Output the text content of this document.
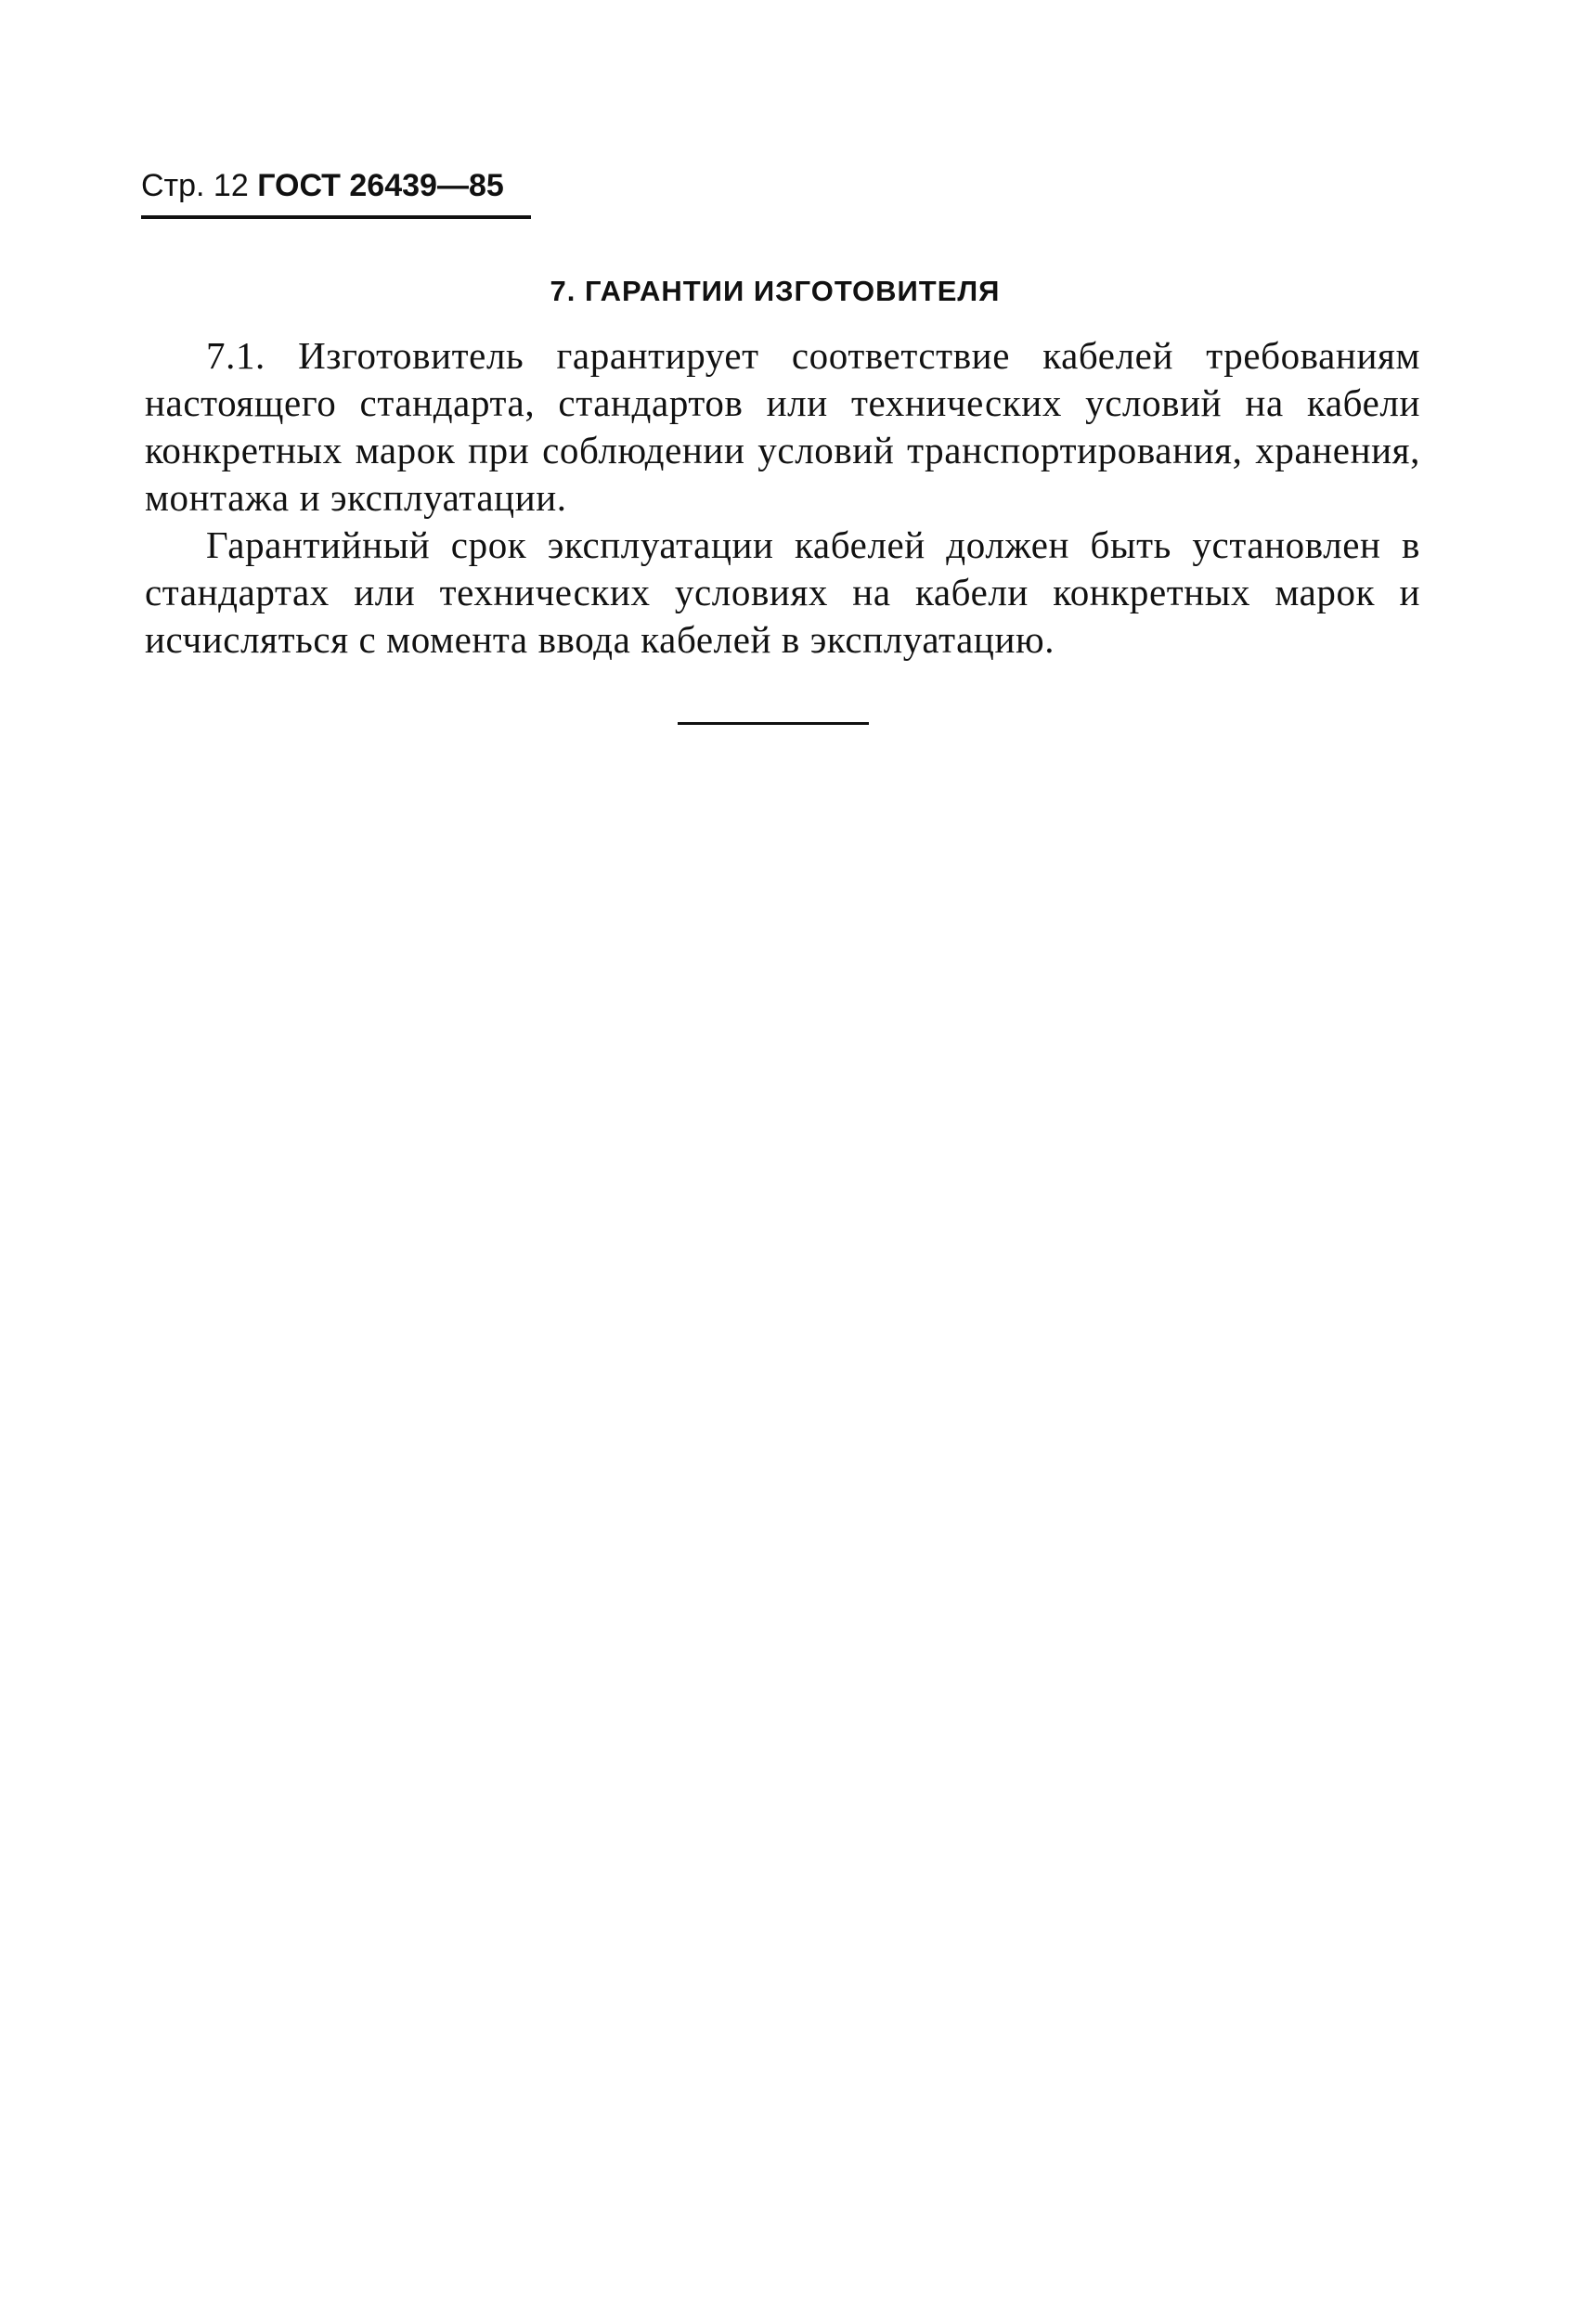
Стр. 12 ГОСТ 26439—85
7. ГАРАНТИИ ИЗГОТОВИТЕЛЯ

7.1. Изготовитель гарантирует соответствие кабелей требованиям настоящего стандарта, стандартов или технических условий на кабели конкретных марок при соблюдении условий транспортирования, хранения, монтажа и эксплуатации.

Гарантийный срок эксплуатации кабелей должен быть установлен в стандартах или технических условиях на кабели конкретных марок и исчисляться с момента ввода кабелей в эксплуатацию.
